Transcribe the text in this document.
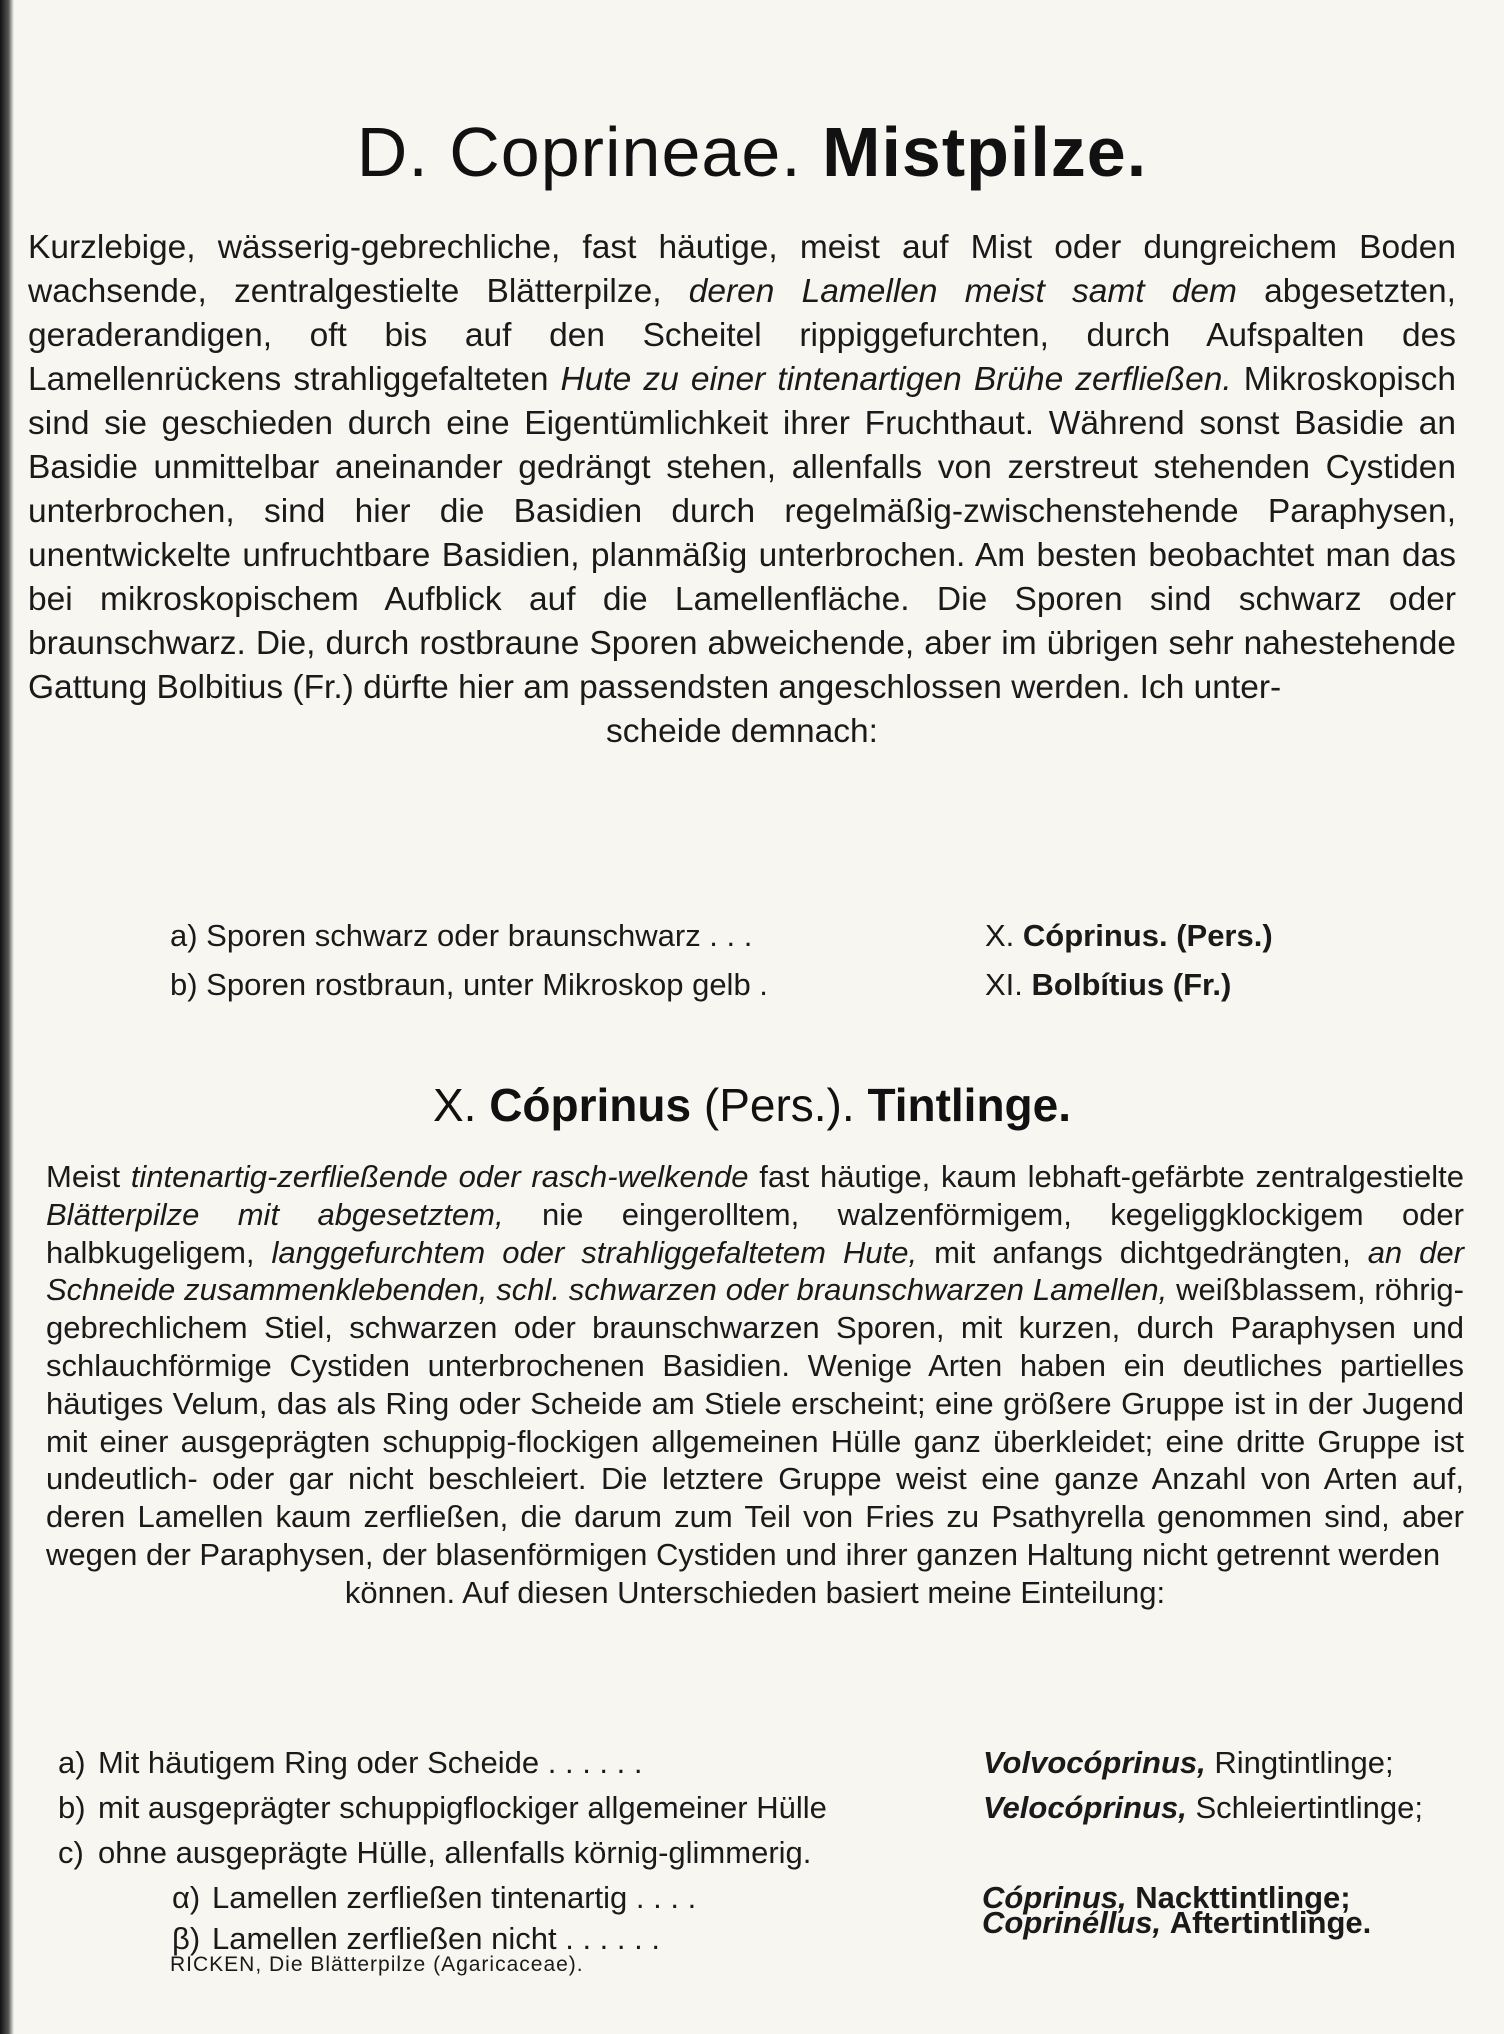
D. Coprineae. Mistpilze.

Kurzlebige, wässerig-gebrechliche, fast häutige, meist auf Mist oder dungreichem Boden wachsende, zentralgestielte Blätterpilze, deren Lamellen meist samt dem abgesetzten, geraderandigen, oft bis auf den Scheitel rippiggefurchten, durch Aufspalten des Lamellenrückens strahliggefalteten Hute zu einer tintenartigen Brühe zerfließen. Mikroskopisch sind sie geschieden durch eine Eigentümlichkeit ihrer Fruchthaut. Während sonst Basidie an Basidie unmittelbar aneinander gedrängt stehen, allenfalls von zerstreut stehenden Cystiden unterbrochen, sind hier die Basidien durch regelmäßig-zwischenstehende Paraphysen, unentwickelte unfruchtbare Basidien, planmäßig unterbrochen. Am besten beobachtet man das bei mikroskopischem Aufblick auf die Lamellenfläche. Die Sporen sind schwarz oder braunschwarz. Die, durch rostbraune Sporen abweichende, aber im übrigen sehr nahestehende Gattung Bolbitius (Fr.) dürfte hier am passendsten angeschlossen werden. Ich unter-
scheide demnach:

a) Sporen schwarz oder braunschwarz . . .	X. Cóprinus. (Pers.)
b) Sporen rostbraun, unter Mikroskop gelb .	XI. Bolbítius (Fr.)
X. Cóprinus (Pers.). Tintlinge.

Meist tintenartig-zerfließende oder rasch-welkende fast häutige, kaum lebhaft-gefärbte zentralgestielte Blätterpilze mit abgesetztem, nie eingerolltem, walzenförmigem, kegeliggklockigem oder halbkugeligem, langgefurchtem oder strahliggefaltetem Hute, mit anfangs dichtgedrängten, an der Schneide zusammenklebenden, schl. schwarzen oder braunschwarzen Lamellen, weißblassem, röhrig-gebrechlichem Stiel, schwarzen oder braunschwarzen Sporen, mit kurzen, durch Paraphysen und schlauchförmige Cystiden unterbrochenen Basidien. Wenige Arten haben ein deutliches partielles häutiges Velum, das als Ring oder Scheide am Stiele erscheint; eine größere Gruppe ist in der Jugend mit einer ausgeprägten schuppig-flockigen allgemeinen Hülle ganz überkleidet; eine dritte Gruppe ist undeutlich- oder gar nicht beschleiert. Die letztere Gruppe weist eine ganze Anzahl von Arten auf, deren Lamellen kaum zerfließen, die darum zum Teil von Fries zu Psathyrella genommen sind, aber wegen der Paraphysen, der blasenförmigen Cystiden und ihrer ganzen Haltung nicht getrennt werden
können. Auf diesen Unterschieden basiert meine Einteilung:

a) Mit häutigem Ring oder Scheide . . . . . .	Volvocóprinus, Ringtintlinge;
b) mit ausgeprägter schuppigflockiger allgemeiner Hülle	Velocóprinus, Schleiertintlinge;
c) ohne ausgeprägte Hülle, allenfalls körnig-glimmerig.
α) Lamellen zerfließen tintenartig . . . .	Cóprinus, Nackttintlinge;
β) Lamellen zerfließen nicht . . . . . .	Coprinéllus, Aftertintlinge.
RICKEN, Die Blätterpilze (Agaricaceae).
